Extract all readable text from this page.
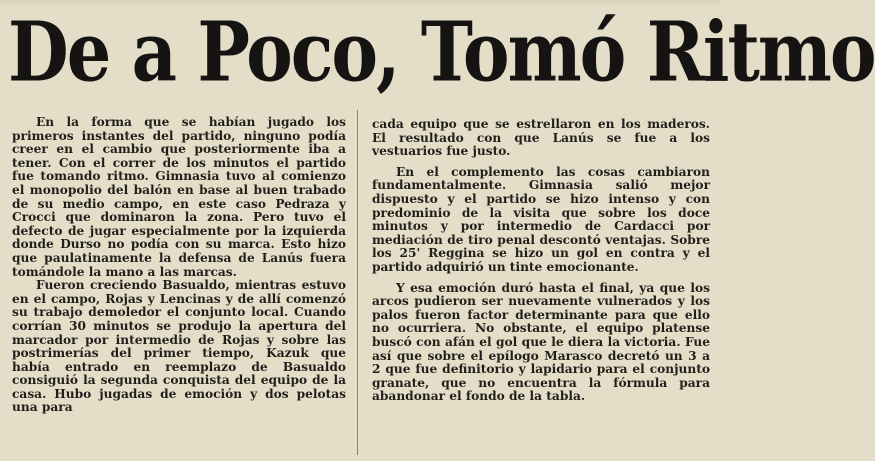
De a Poco, Tomó Ritmo

En la forma que se habían jugado los primeros instantes del partido, ninguno podía creer en el cambio que posteriormente iba a tener. Con el correr de los minutos el partido fue tomando ritmo. Gimnasia tuvo al comienzo el monopolio del balón en base al buen trabado de su medio campo, en este caso Pedraza y Crocci que dominaron la zona. Pero tuvo el defecto de jugar especialmente por la izquierda donde Durso no podía con su marca. Esto hizo que paulatinamente la defensa de Lanús fuera tomándole la mano a las marcas.

Fueron creciendo Basualdo, mientras estuvo en el campo, Rojas y Lencinas y de allí comenzó su trabajo demoledor el conjunto local. Cuando corrían 30 minutos se produjo la apertura del marcador por intermedio de Rojas y sobre las postrimerías del primer tiempo, Kazuk que había entrado en reemplazo de Basualdo consiguió la segunda conquista del equipo de la casa. Hubo jugadas de emoción y dos pelotas una para

cada equipo que se estrellaron en los maderos. El resultado con que Lanús se fue a los vestuarios fue justo.

En el complemento las cosas cambiaron fundamentalmente. Gimnasia salió mejor dispuesto y el partido se hizo intenso y con predominio de la visita que sobre los doce minutos y por intermedio de Cardacci por mediación de tiro penal descontó ventajas. Sobre los 25' Reggina se hizo un gol en contra y el partido adquirió un tinte emocionante.

Y esa emoción duró hasta el final, ya que los arcos pudieron ser nuevamente vulnerados y los palos fueron factor determinante para que ello no ocurriera. No obstante, el equipo platense buscó con afán el gol que le diera la victoria. Fue así que sobre el epílogo Marasco decretó un 3 a 2 que fue definitorio y lapidario para el conjunto granate, que no encuentra la fórmula para abandonar el fondo de la tabla.
